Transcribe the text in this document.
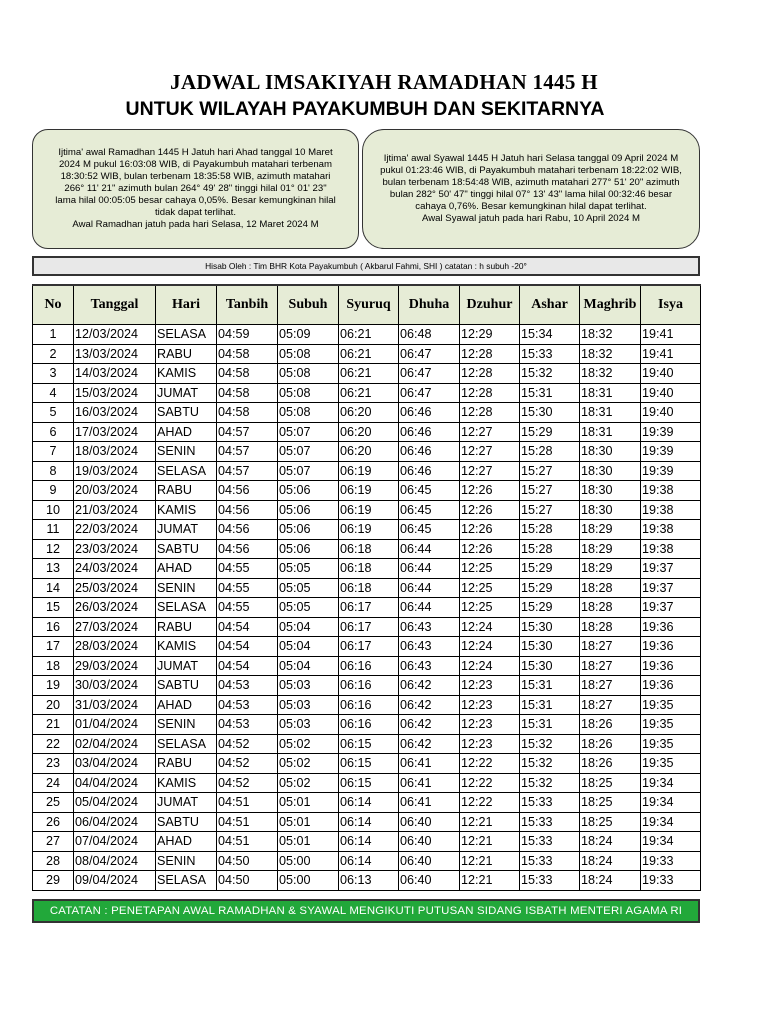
JADWAL IMSAKIYAH RAMADHAN 1445 H
UNTUK WILAYAH PAYAKUMBUH DAN SEKITARNYA
Ijtima' awal Ramadhan 1445 H Jatuh hari Ahad tanggal 10 Maret
2024 M pukul 16:03:08 WIB, di Payakumbuh matahari terbenam
18:30:52 WIB, bulan terbenam 18:35:58 WIB, azimuth matahari
266° 11' 21" azimuth bulan 264° 49' 28" tinggi hilal 01° 01' 23"
lama hilal 00:05:05 besar cahaya 0,05%. Besar kemungkinan hilal
tidak dapat terlihat.
Awal Ramadhan jatuh pada hari Selasa, 12 Maret 2024 M
Ijtima' awal Syawal 1445 H Jatuh hari Selasa tanggal 09 April 2024 M
pukul 01:23:46 WIB, di Payakumbuh matahari terbenam 18:22:02 WIB,
bulan terbenam 18:54:48 WIB, azimuth matahari 277° 51' 20" azimuth
bulan 282° 50' 47" tinggi hilal 07° 13' 43" lama hilal 00:32:46 besar
cahaya 0,76%. Besar kemungkinan hilal dapat terlihat.
Awal Syawal jatuh pada hari Rabu, 10 April 2024 M
Hisab Oleh : Tim BHR Kota Payakumbuh ( Akbarul Fahmi, SHI ) catatan : h subuh -20°
No	Tanggal	Hari	Tanbih	Subuh	Syuruq	Dhuha	Dzuhur	Ashar	Maghrib	Isya
1	12/03/2024	SELASA	04:59	05:09	06:21	06:48	12:29	15:34	18:32	19:41
2	13/03/2024	RABU	04:58	05:08	06:21	06:47	12:28	15:33	18:32	19:41
3	14/03/2024	KAMIS	04:58	05:08	06:21	06:47	12:28	15:32	18:32	19:40
4	15/03/2024	JUMAT	04:58	05:08	06:21	06:47	12:28	15:31	18:31	19:40
5	16/03/2024	SABTU	04:58	05:08	06:20	06:46	12:28	15:30	18:31	19:40
6	17/03/2024	AHAD	04:57	05:07	06:20	06:46	12:27	15:29	18:31	19:39
7	18/03/2024	SENIN	04:57	05:07	06:20	06:46	12:27	15:28	18:30	19:39
8	19/03/2024	SELASA	04:57	05:07	06:19	06:46	12:27	15:27	18:30	19:39
9	20/03/2024	RABU	04:56	05:06	06:19	06:45	12:26	15:27	18:30	19:38
10	21/03/2024	KAMIS	04:56	05:06	06:19	06:45	12:26	15:27	18:30	19:38
11	22/03/2024	JUMAT	04:56	05:06	06:19	06:45	12:26	15:28	18:29	19:38
12	23/03/2024	SABTU	04:56	05:06	06:18	06:44	12:26	15:28	18:29	19:38
13	24/03/2024	AHAD	04:55	05:05	06:18	06:44	12:25	15:29	18:29	19:37
14	25/03/2024	SENIN	04:55	05:05	06:18	06:44	12:25	15:29	18:28	19:37
15	26/03/2024	SELASA	04:55	05:05	06:17	06:44	12:25	15:29	18:28	19:37
16	27/03/2024	RABU	04:54	05:04	06:17	06:43	12:24	15:30	18:28	19:36
17	28/03/2024	KAMIS	04:54	05:04	06:17	06:43	12:24	15:30	18:27	19:36
18	29/03/2024	JUMAT	04:54	05:04	06:16	06:43	12:24	15:30	18:27	19:36
19	30/03/2024	SABTU	04:53	05:03	06:16	06:42	12:23	15:31	18:27	19:36
20	31/03/2024	AHAD	04:53	05:03	06:16	06:42	12:23	15:31	18:27	19:35
21	01/04/2024	SENIN	04:53	05:03	06:16	06:42	12:23	15:31	18:26	19:35
22	02/04/2024	SELASA	04:52	05:02	06:15	06:42	12:23	15:32	18:26	19:35
23	03/04/2024	RABU	04:52	05:02	06:15	06:41	12:22	15:32	18:26	19:35
24	04/04/2024	KAMIS	04:52	05:02	06:15	06:41	12:22	15:32	18:25	19:34
25	05/04/2024	JUMAT	04:51	05:01	06:14	06:41	12:22	15:33	18:25	19:34
26	06/04/2024	SABTU	04:51	05:01	06:14	06:40	12:21	15:33	18:25	19:34
27	07/04/2024	AHAD	04:51	05:01	06:14	06:40	12:21	15:33	18:24	19:34
28	08/04/2024	SENIN	04:50	05:00	06:14	06:40	12:21	15:33	18:24	19:33
29	09/04/2024	SELASA	04:50	05:00	06:13	06:40	12:21	15:33	18:24	19:33
CATATAN : PENETAPAN AWAL RAMADHAN & SYAWAL MENGIKUTI PUTUSAN SIDANG ISBATH MENTERI AGAMA RI
